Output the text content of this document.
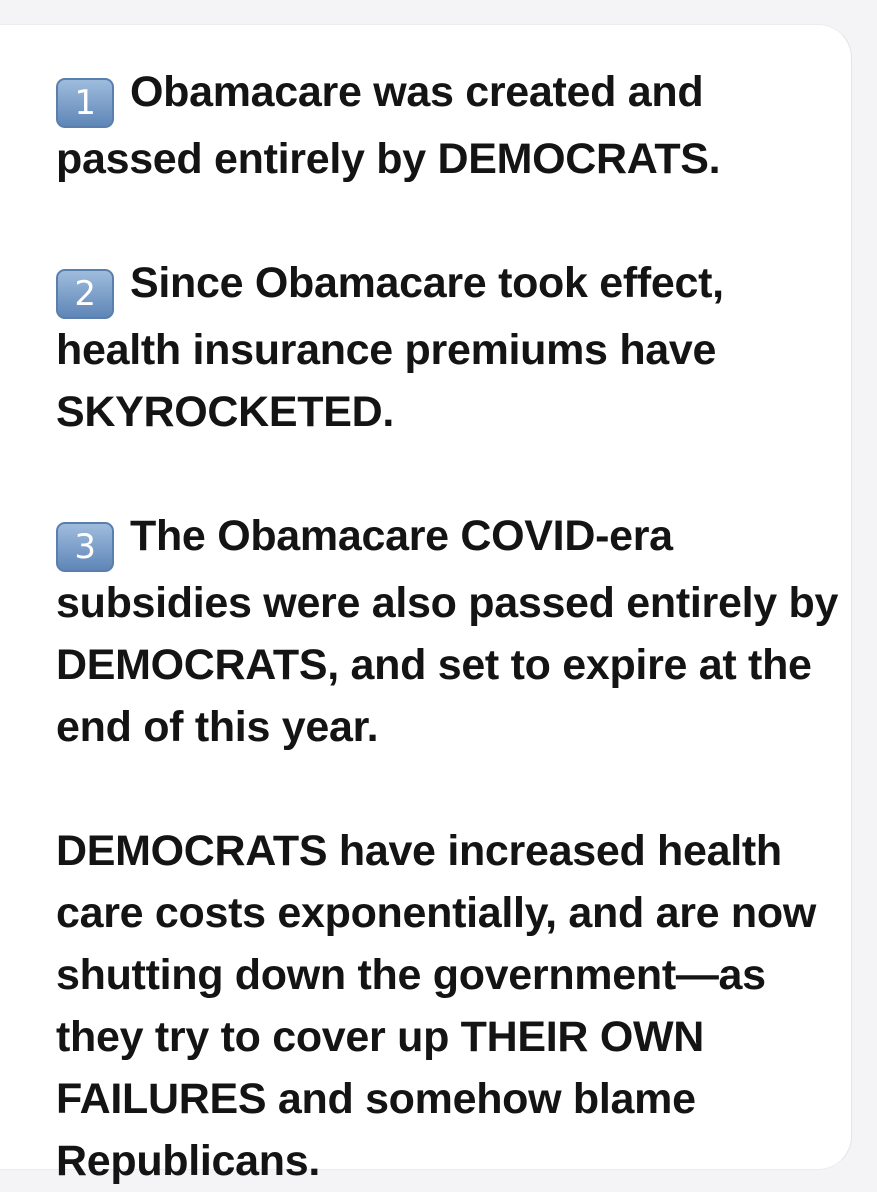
1 Obamacare was created and passed entirely by DEMOCRATS.

2 Since Obamacare took effect, health insurance premiums have SKYROCKETED.

3 The Obamacare COVID-era subsidies were also passed entirely by DEMOCRATS, and set to expire at the end of this year.

DEMOCRATS have increased health care costs exponentially, and are now shutting down the government—as they try to cover up THEIR OWN FAILURES and somehow blame Republicans.
